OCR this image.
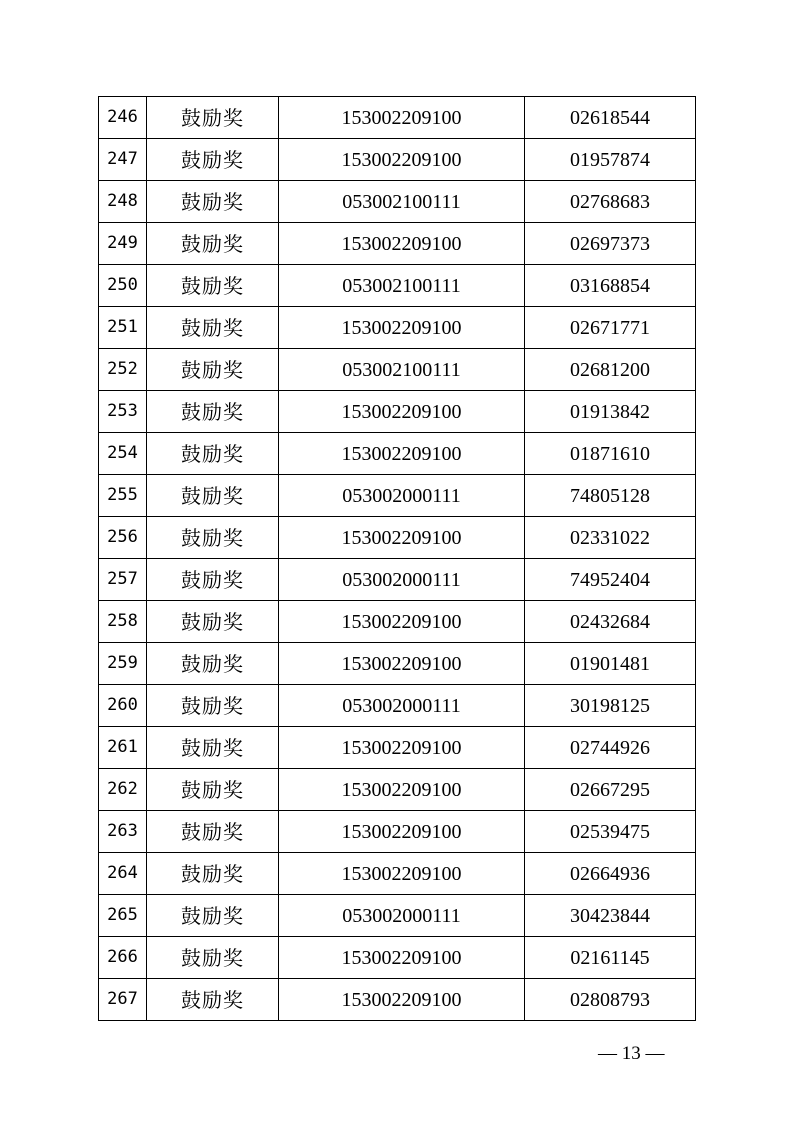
246	鼓励奖	153002209100	02618544
247	鼓励奖	153002209100	01957874
248	鼓励奖	053002100111	02768683
249	鼓励奖	153002209100	02697373
250	鼓励奖	053002100111	03168854
251	鼓励奖	153002209100	02671771
252	鼓励奖	053002100111	02681200
253	鼓励奖	153002209100	01913842
254	鼓励奖	153002209100	01871610
255	鼓励奖	053002000111	74805128
256	鼓励奖	153002209100	02331022
257	鼓励奖	053002000111	74952404
258	鼓励奖	153002209100	02432684
259	鼓励奖	153002209100	01901481
260	鼓励奖	053002000111	30198125
261	鼓励奖	153002209100	02744926
262	鼓励奖	153002209100	02667295
263	鼓励奖	153002209100	02539475
264	鼓励奖	153002209100	02664936
265	鼓励奖	053002000111	30423844
266	鼓励奖	153002209100	02161145
267	鼓励奖	153002209100	02808793
— 13 —
